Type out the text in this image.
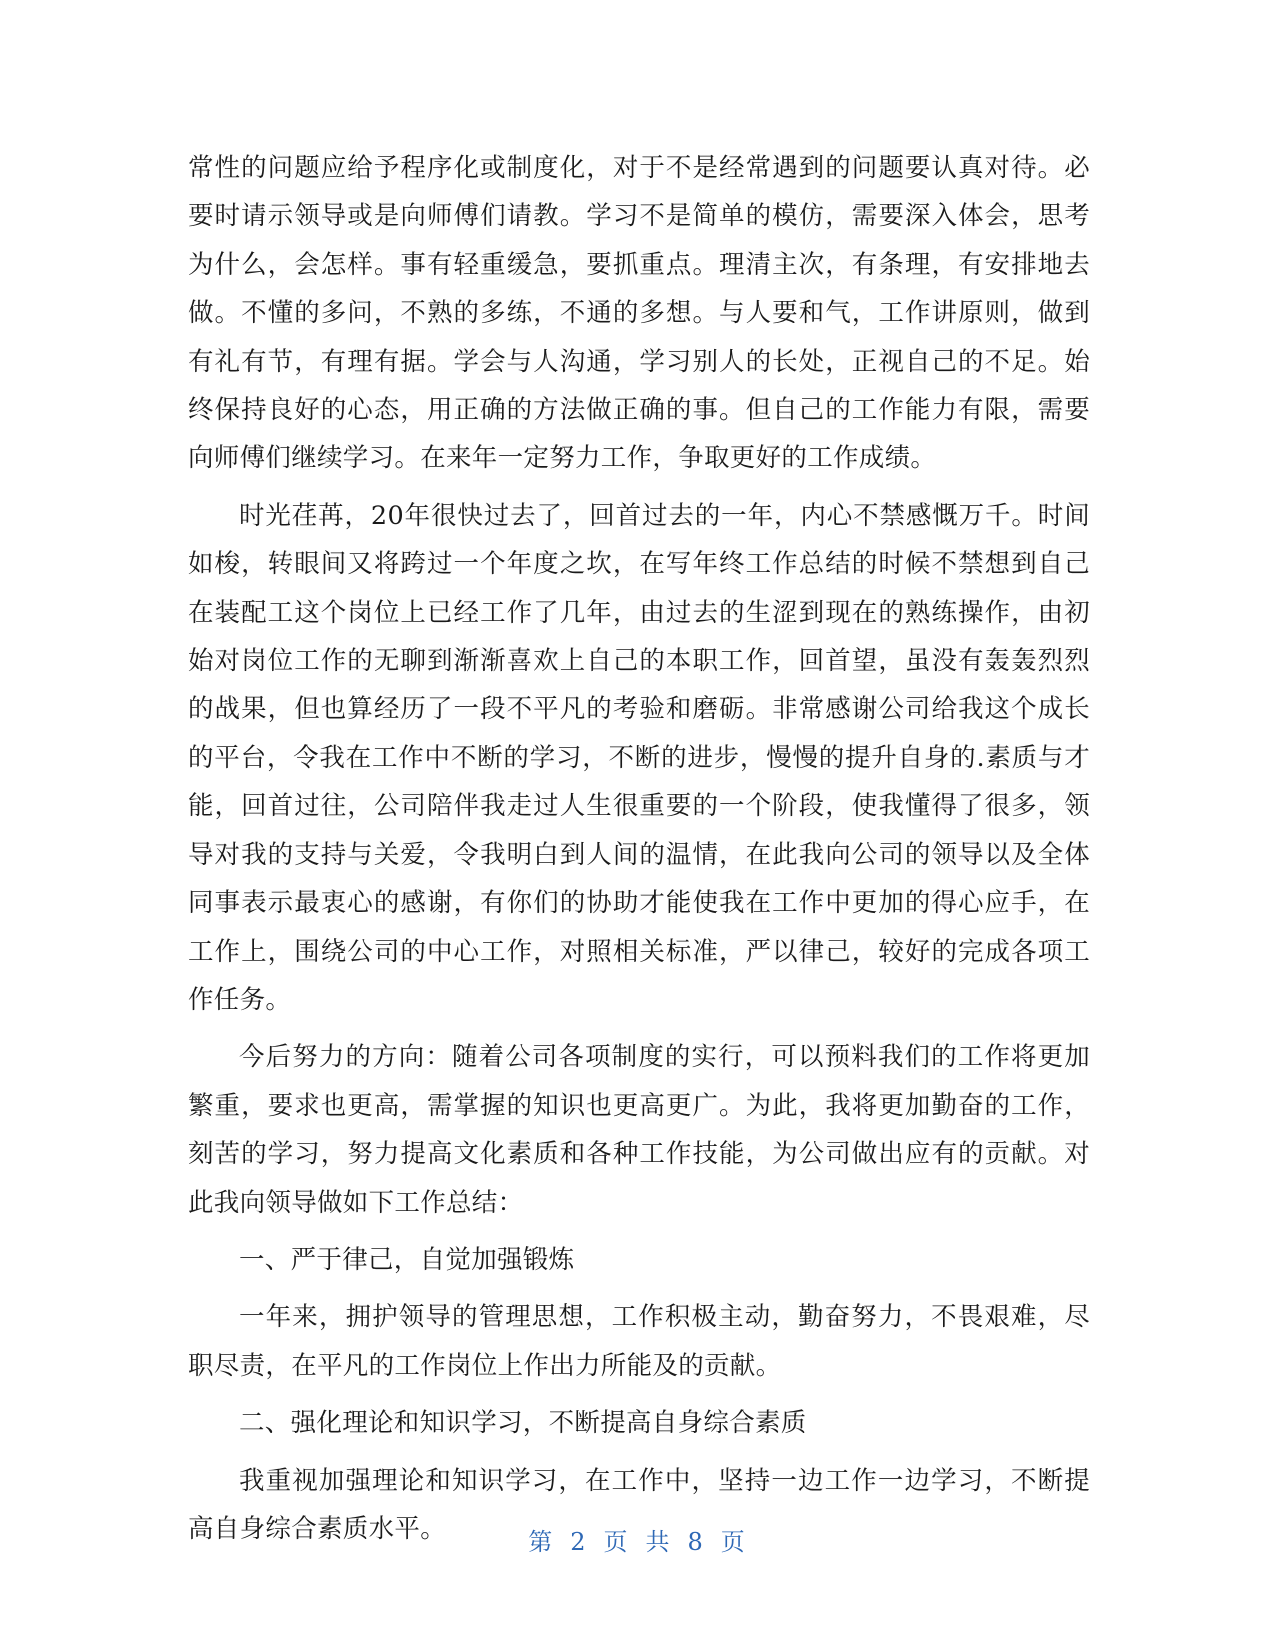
常性的问题应给予程序化或制度化，对于不是经常遇到的问题要认真对待。必要时请示领导或是向师傅们请教。学习不是简单的模仿，需要深入体会，思考为什么，会怎样。事有轻重缓急，要抓重点。理清主次，有条理，有安排地去做。不懂的多问，不熟的多练，不通的多想。与人要和气，工作讲原则，做到有礼有节，有理有据。学会与人沟通，学习别人的长处，正视自己的不足。始终保持良好的心态，用正确的方法做正确的事。但自己的工作能力有限，需要向师傅们继续学习。在来年一定努力工作，争取更好的工作成绩。

时光荏苒，20年很快过去了，回首过去的一年，内心不禁感慨万千。时间如梭，转眼间又将跨过一个年度之坎，在写年终工作总结的时候不禁想到自己在装配工这个岗位上已经工作了几年，由过去的生涩到现在的熟练操作，由初始对岗位工作的无聊到渐渐喜欢上自己的本职工作，回首望，虽没有轰轰烈烈的战果，但也算经历了一段不平凡的考验和磨砺。非常感谢公司给我这个成长的平台，令我在工作中不断的学习，不断的进步，慢慢的提升自身的.素质与才能，回首过往，公司陪伴我走过人生很重要的一个阶段，使我懂得了很多，领导对我的支持与关爱，令我明白到人间的温情，在此我向公司的领导以及全体同事表示最衷心的感谢，有你们的协助才能使我在工作中更加的得心应手，在工作上，围绕公司的中心工作，对照相关标准，严以律己，较好的完成各项工作任务。

今后努力的方向：随着公司各项制度的实行，可以预料我们的工作将更加繁重，要求也更高，需掌握的知识也更高更广。为此，我将更加勤奋的工作，刻苦的学习，努力提高文化素质和各种工作技能，为公司做出应有的贡献。对此我向领导做如下工作总结：

一、严于律己，自觉加强锻炼

一年来，拥护领导的管理思想，工作积极主动，勤奋努力，不畏艰难，尽职尽责，在平凡的工作岗位上作出力所能及的贡献。

二、强化理论和知识学习，不断提高自身综合素质

我重视加强理论和知识学习，在工作中，坚持一边工作一边学习，不断提高自身综合素质水平。	第 2 页 共 8 页
